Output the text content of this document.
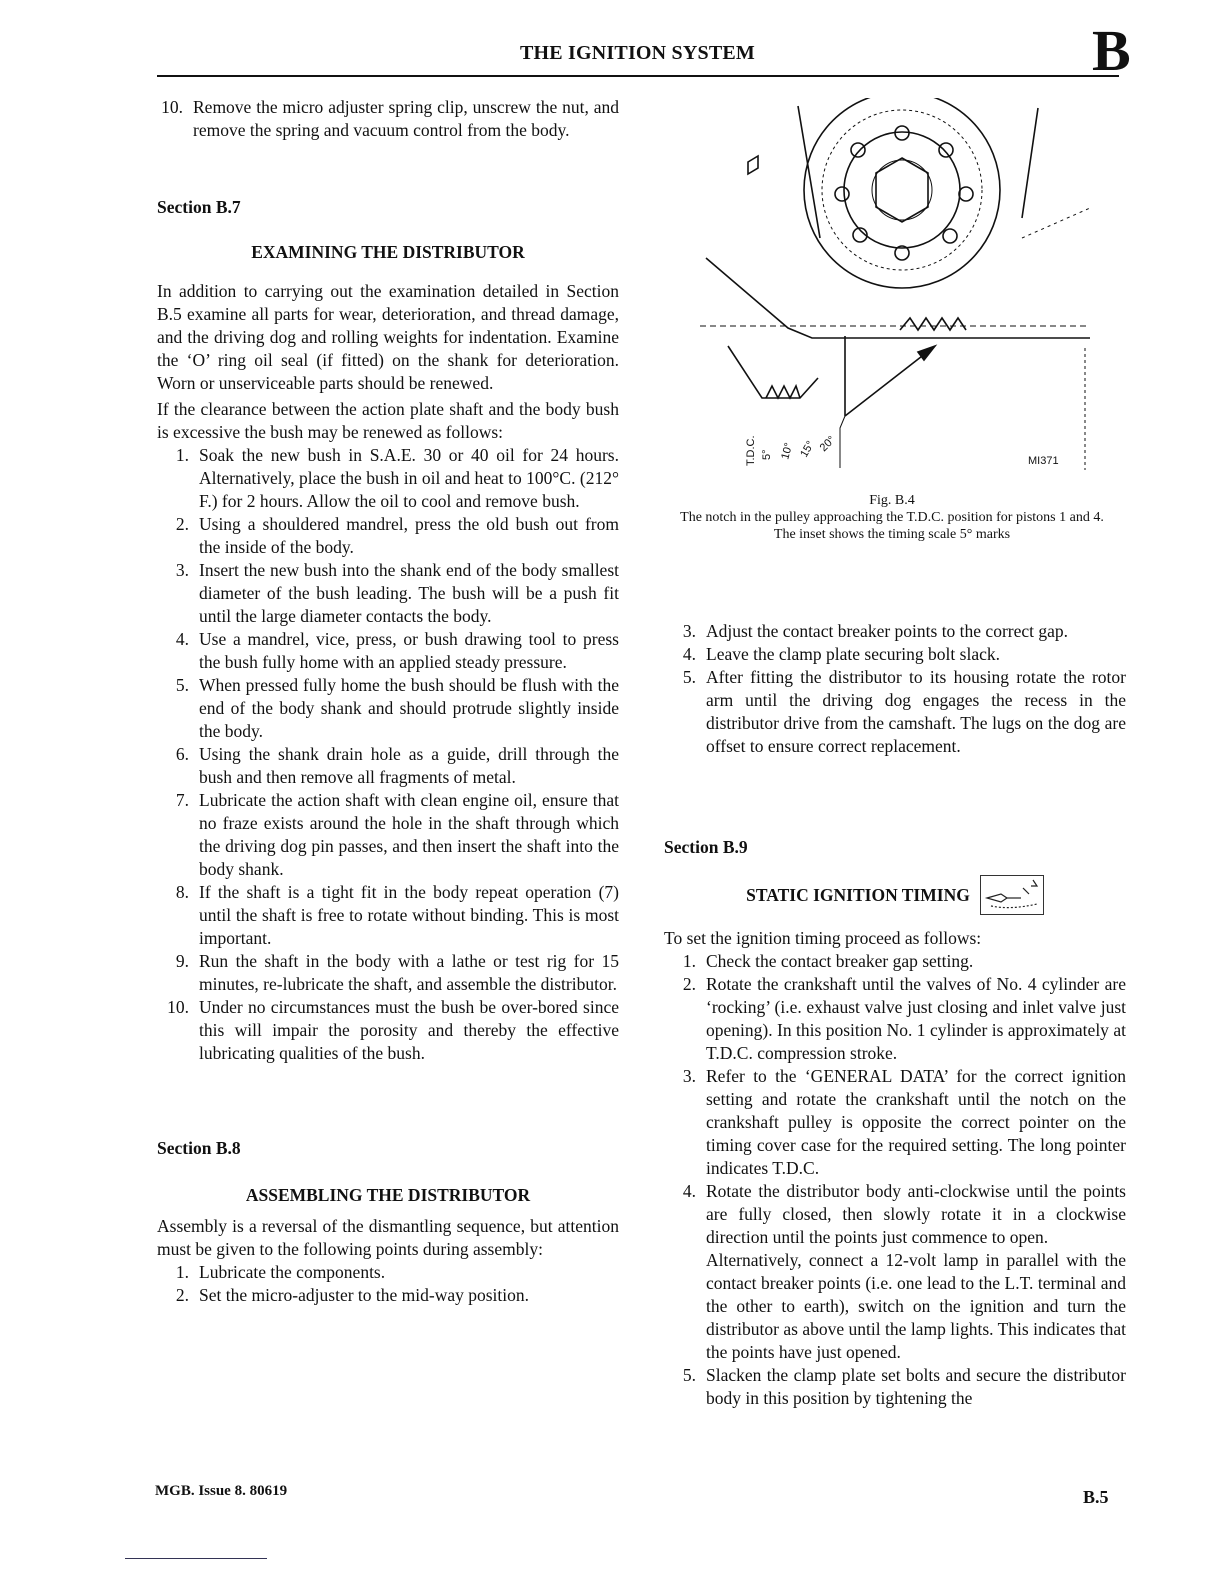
THE IGNITION SYSTEM	B
10. Remove the micro adjuster spring clip, unscrew the nut, and remove the spring and vacuum control from the body.

Section B.7

EXAMINING THE DISTRIBUTOR

In addition to carrying out the examination detailed in Section B.5 examine all parts for wear, deterioration, and thread damage, and the driving dog and rolling weights for indentation. Examine the ‘O’ ring oil seal (if fitted) on the shank for deterioration. Worn or unserviceable parts should be renewed.

If the clearance between the action plate shaft and the body bush is excessive the bush may be renewed as follows:

1. Soak the new bush in S.A.E. 30 or 40 oil for 24 hours. Alternatively, place the bush in oil and heat to 100°C. (212° F.) for 2 hours. Allow the oil to cool and remove bush.
2. Using a shouldered mandrel, press the old bush out from the inside of the body.
3. Insert the new bush into the shank end of the body smallest diameter of the bush leading. The bush will be a push fit until the large diameter contacts the body.
4. Use a mandrel, vice, press, or bush drawing tool to press the bush fully home with an applied steady pressure.
5. When pressed fully home the bush should be flush with the end of the body shank and should protrude slightly inside the body.
6. Using the shank drain hole as a guide, drill through the bush and then remove all fragments of metal.
7. Lubricate the action shaft with clean engine oil, ensure that no fraze exists around the hole in the shaft through which the driving dog pin passes, and then insert the shaft into the body shank.
8. If the shaft is a tight fit in the body repeat operation (7) until the shaft is free to rotate without binding. This is most important.
9. Run the shaft in the body with a lathe or test rig for 15 minutes, re-lubricate the shaft, and assemble the distributor.
10. Under no circumstances must the bush be over-bored since this will impair the porosity and thereby the effective lubricating qualities of the bush.

Section B.8

ASSEMBLING THE DISTRIBUTOR

Assembly is a reversal of the dismantling sequence, but attention must be given to the following points during assembly:

1. Lubricate the components.
2. Set the micro-adjuster to the mid-way position.
MI371
T.D.C. 5° 10° 15° 20°
Fig. B.4
The notch in the pulley approaching the T.D.C. position for pistons 1 and 4. The inset shows the timing scale 5° marks
3. Adjust the contact breaker points to the correct gap.
4. Leave the clamp plate securing bolt slack.
5. After fitting the distributor to its housing rotate the rotor arm until the driving dog engages the recess in the distributor drive from the camshaft. The lugs on the dog are offset to ensure correct replacement.

Section B.9

STATIC IGNITION TIMING

To set the ignition timing proceed as follows:

1. Check the contact breaker gap setting.
2. Rotate the crankshaft until the valves of No. 4 cylinder are ‘rocking’ (i.e. exhaust valve just closing and inlet valve just opening). In this position No. 1 cylinder is approximately at T.D.C. compression stroke.
3. Refer to the ‘GENERAL DATA’ for the correct ignition setting and rotate the crankshaft until the notch on the crankshaft pulley is opposite the correct pointer on the timing cover case for the required setting. The long pointer indicates T.D.C.
4. Rotate the distributor body anti-clockwise until the points are fully closed, then slowly rotate it in a clockwise direction until the points just commence to open.
Alternatively, connect a 12-volt lamp in parallel with the contact breaker points (i.e. one lead to the L.T. terminal and the other to earth), switch on the ignition and turn the distributor as above until the lamp lights. This indicates that the points have just opened.
5. Slacken the clamp plate set bolts and secure the distributor body in this position by tightening the
MGB. Issue 8. 80619	B.5
